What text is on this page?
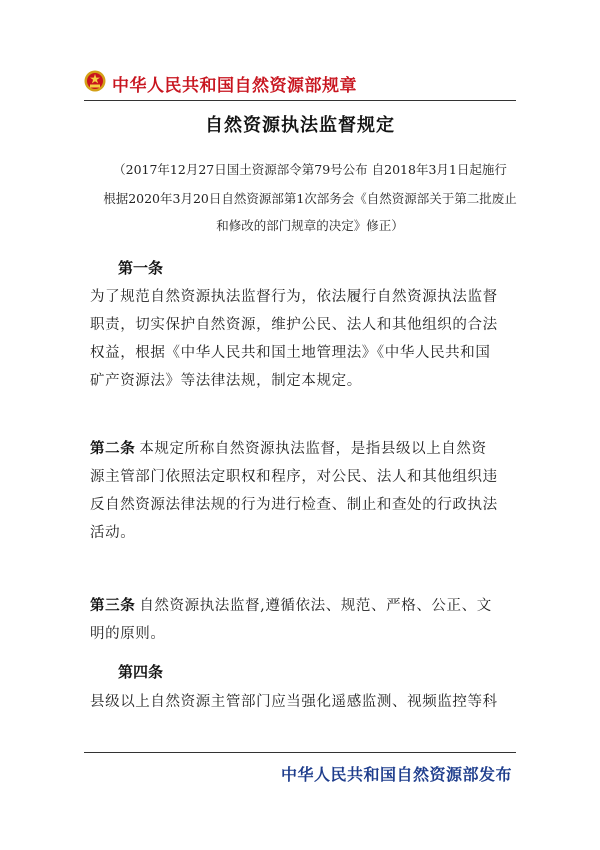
中华人民共和国自然资源部规章
自然资源执法监督规定
（2017年12月27日国土资源部令第79号公布 自2018年3月1日起施行
根据2020年3月20日自然资源部第1次部务会《自然资源部关于第二批废止
和修改的部门规章的决定》修正）
第一条
为了规范自然资源执法监督行为，依法履行自然资源执法监督
职责，切实保护自然资源，维护公民、法人和其他组织的合法
权益，根据《中华人民共和国土地管理法》《中华人民共和国
矿产资源法》等法律法规，制定本规定。
第二条 本规定所称自然资源执法监督，是指县级以上自然资
源主管部门依照法定职权和程序，对公民、法人和其他组织违
反自然资源法律法规的行为进行检查、制止和查处的行政执法
活动。
第三条 自然资源执法监督,遵循依法、规范、严格、公正、文
明的原则。
第四条
县级以上自然资源主管部门应当强化遥感监测、视频监控等科
中华人民共和国自然资源部发布
